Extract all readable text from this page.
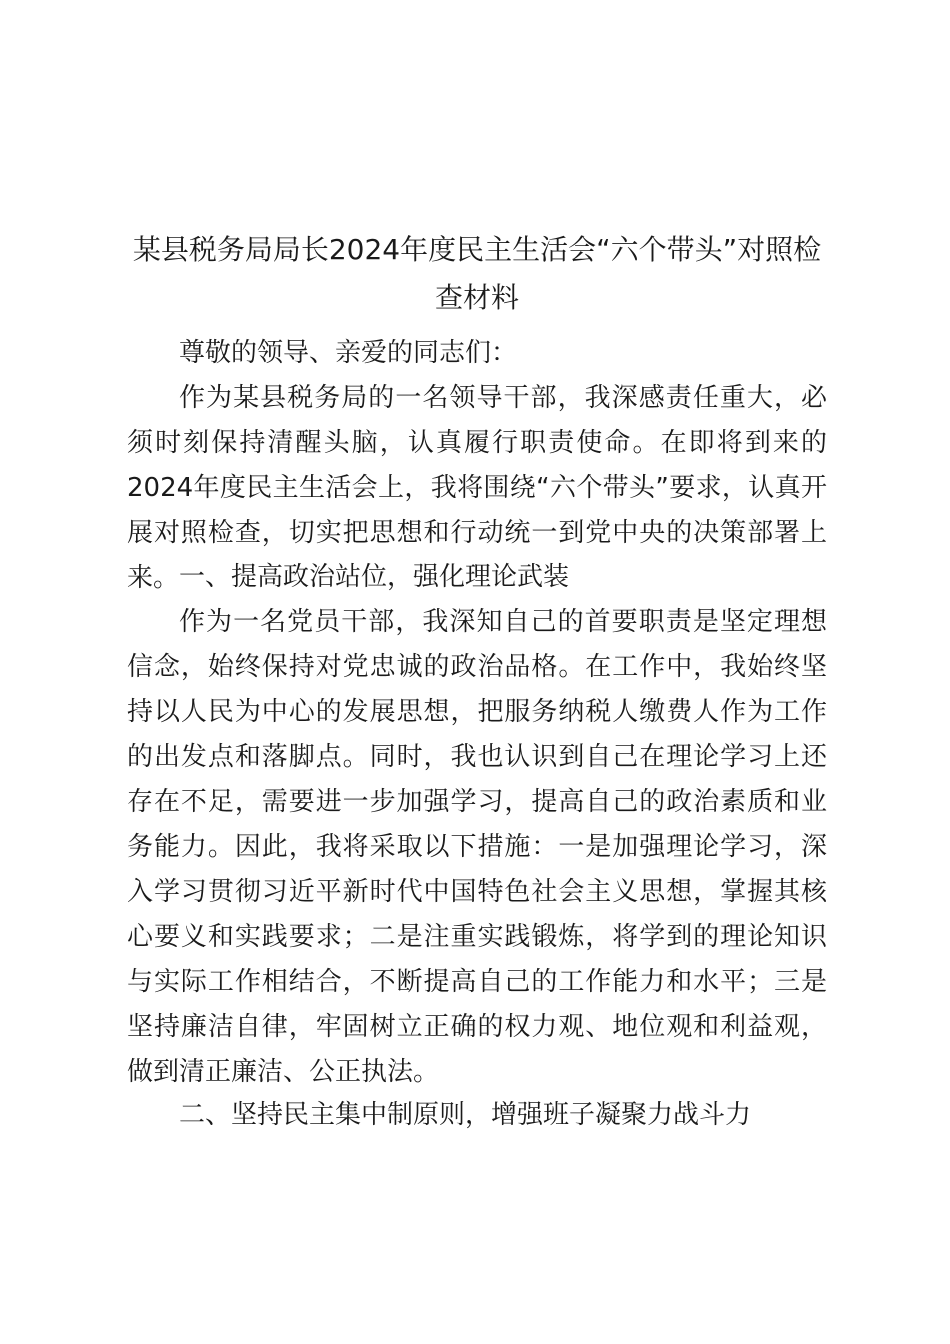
某县税务局局长2024年度民主生活会“六个带头”对照检查材料

尊敬的领导、亲爱的同志们：

作为某县税务局的一名领导干部，我深感责任重大，必须时刻保持清醒头脑，认真履行职责使命。在即将到来的2024年度民主生活会上，我将围绕“六个带头”要求，认真开展对照检查，切实把思想和行动统一到党中央的决策部署上来。 一、提高政治站位，强化理论武装

作为一名党员干部，我深知自己的首要职责是坚定理想信念，始终保持对党忠诚的政治品格。在工作中，我始终坚持以人民为中心的发展思想，把服务纳税人缴费人作为工作的出发点和落脚点。同时，我也认识到自己在理论学习上还存在不足，需要进一步加强学习，提高自己的政治素质和业务能力。因此，我将采取以下措施：一是加强理论学习，深入学习贯彻习近平新时代中国特色社会主义思想，掌握其核心要义和实践要求；二是注重实践锻炼，将学到的理论知识与实际工作相结合，不断提高自己的工作能力和水平；三是坚持廉洁自律，牢固树立正确的权力观、地位观和利益观，做到清正廉洁、公正执法。

二、坚持民主集中制原则，增强班子凝聚力战斗力
